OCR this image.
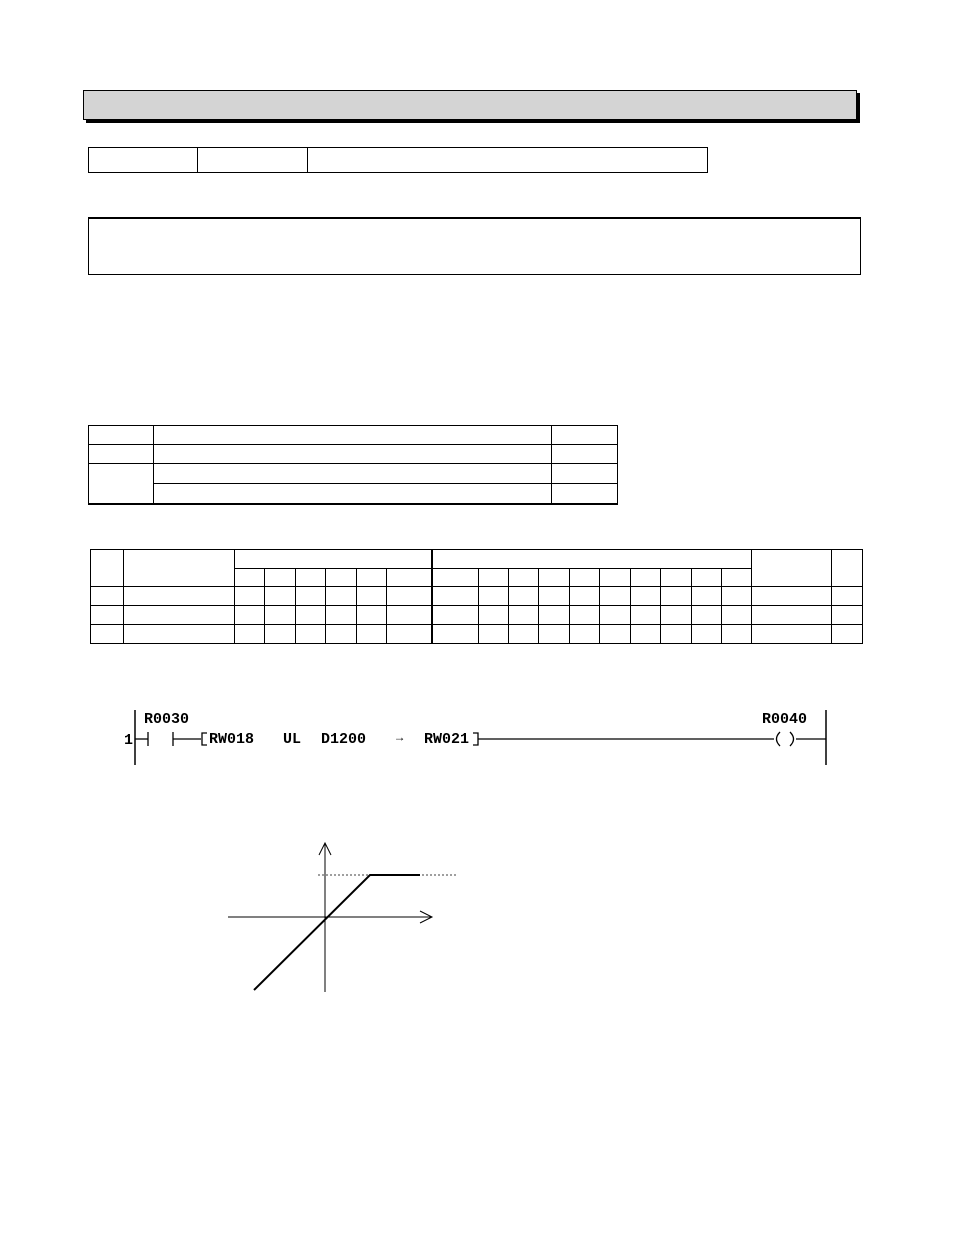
1
R0030
RW018 UL D1200 → RW021
R0040
